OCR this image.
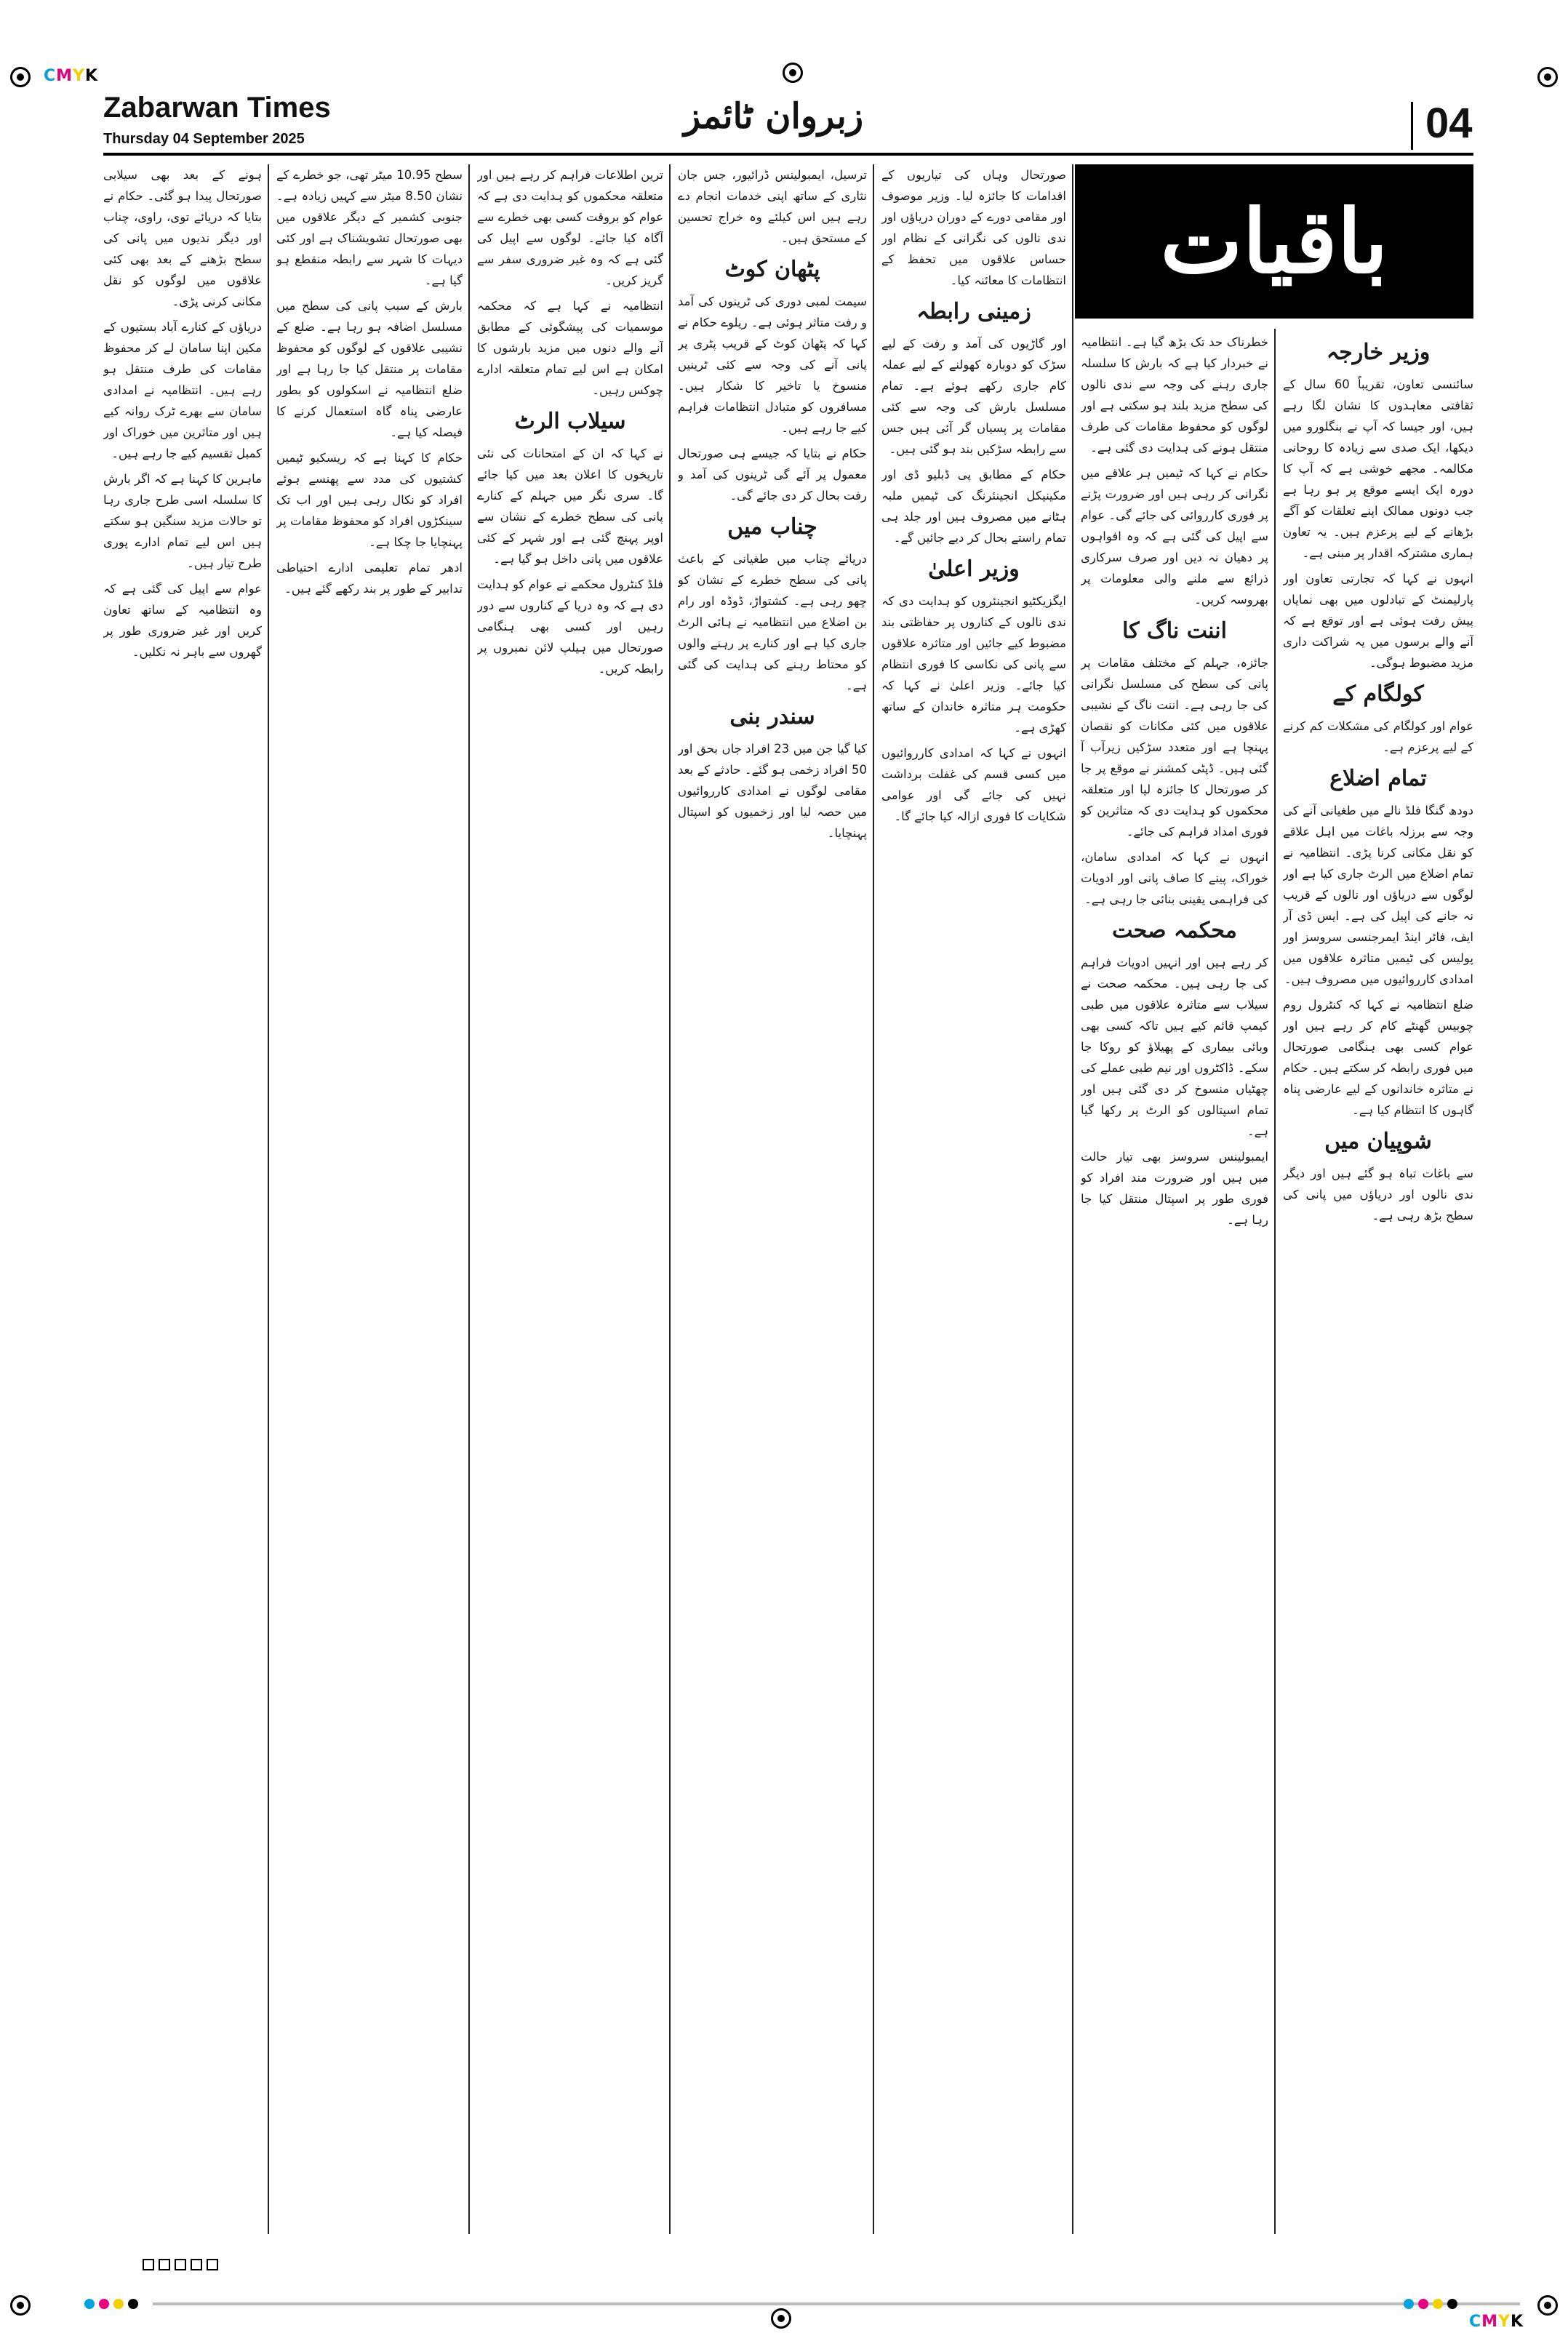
CMYK
CMYK
Zabarwan Times
Thursday 04 September 2025
زبروان ٹائمز	04
باقیات
وزیر خارجہ

سائنسی تعاون، تقریباً 60 سال کے ثقافتی معاہدوں کا نشان لگا رہے ہیں، اور جیسا کہ آپ نے بنگلورو میں دیکھا، ایک صدی سے زیادہ کا روحانی مکالمہ۔ مجھے خوشی ہے کہ آپ کا دورہ ایک ایسے موقع پر ہو رہا ہے جب دونوں ممالک اپنے تعلقات کو آگے بڑھانے کے لیے پرعزم ہیں۔ یہ تعاون ہماری مشترکہ اقدار پر مبنی ہے۔

انہوں نے کہا کہ تجارتی تعاون اور پارلیمنٹ کے تبادلوں میں بھی نمایاں پیش رفت ہوئی ہے اور توقع ہے کہ آنے والے برسوں میں یہ شراکت داری مزید مضبوط ہوگی۔

کولگام کے

عوام اور کولگام کی مشکلات کم کرنے کے لیے پرعزم ہے۔

تمام اضلاع

دودھ گنگا فلڈ نالے میں طغیانی آنے کی وجہ سے برزلہ باغات میں اہل علاقے کو نقل مکانی کرنا پڑی۔ انتظامیہ نے تمام اضلاع میں الرٹ جاری کیا ہے اور لوگوں سے دریاؤں اور نالوں کے قریب نہ جانے کی اپیل کی ہے۔ ایس ڈی آر ایف، فائر اینڈ ایمرجنسی سروسز اور پولیس کی ٹیمیں متاثرہ علاقوں میں امدادی کارروائیوں میں مصروف ہیں۔

ضلع انتظامیہ نے کہا کہ کنٹرول روم چوبیس گھنٹے کام کر رہے ہیں اور عوام کسی بھی ہنگامی صورتحال میں فوری رابطہ کر سکتے ہیں۔ حکام نے متاثرہ خاندانوں کے لیے عارضی پناہ گاہوں کا انتظام کیا ہے۔

شوپیان میں

سے باغات تباہ ہو گئے ہیں اور دیگر ندی نالوں اور دریاؤں میں پانی کی سطح بڑھ رہی ہے۔

خطرناک حد تک بڑھ گیا ہے۔ انتظامیہ نے خبردار کیا ہے کہ بارش کا سلسلہ جاری رہنے کی وجہ سے ندی نالوں کی سطح مزید بلند ہو سکتی ہے اور لوگوں کو محفوظ مقامات کی طرف منتقل ہونے کی ہدایت دی گئی ہے۔

حکام نے کہا کہ ٹیمیں ہر علاقے میں نگرانی کر رہی ہیں اور ضرورت پڑنے پر فوری کارروائی کی جائے گی۔ عوام سے اپیل کی گئی ہے کہ وہ افواہوں پر دھیان نہ دیں اور صرف سرکاری ذرائع سے ملنے والی معلومات پر بھروسہ کریں۔

اننت ناگ کا

جائزہ، جہلم کے مختلف مقامات پر پانی کی سطح کی مسلسل نگرانی کی جا رہی ہے۔ اننت ناگ کے نشیبی علاقوں میں کئی مکانات کو نقصان پہنچا ہے اور متعدد سڑکیں زیرآب آ گئی ہیں۔ ڈپٹی کمشنر نے موقع پر جا کر صورتحال کا جائزہ لیا اور متعلقہ محکموں کو ہدایت دی کہ متاثرین کو فوری امداد فراہم کی جائے۔

انہوں نے کہا کہ امدادی سامان، خوراک، پینے کا صاف پانی اور ادویات کی فراہمی یقینی بنائی جا رہی ہے۔

محکمہ صحت

کر رہے ہیں اور انہیں ادویات فراہم کی جا رہی ہیں۔ محکمہ صحت نے سیلاب سے متاثرہ علاقوں میں طبی کیمپ قائم کیے ہیں تاکہ کسی بھی وبائی بیماری کے پھیلاؤ کو روکا جا سکے۔ ڈاکٹروں اور نیم طبی عملے کی چھٹیاں منسوخ کر دی گئی ہیں اور تمام اسپتالوں کو الرٹ پر رکھا گیا ہے۔

ایمبولینس سروسز بھی تیار حالت میں ہیں اور ضرورت مند افراد کو فوری طور پر اسپتال منتقل کیا جا رہا ہے۔

صورتحال وہاں کی تیاریوں کے اقدامات کا جائزہ لیا۔ وزیر موصوف اور مقامی دورے کے دوران دریاؤں اور ندی نالوں کی نگرانی کے نظام اور حساس علاقوں میں تحفظ کے انتظامات کا معائنہ کیا۔

زمینی رابطہ

اور گاڑیوں کی آمد و رفت کے لیے سڑک کو دوبارہ کھولنے کے لیے عملہ کام جاری رکھے ہوئے ہے۔ تمام مسلسل بارش کی وجہ سے کئی مقامات پر پسیاں گر آئی ہیں جس سے رابطہ سڑکیں بند ہو گئی ہیں۔

حکام کے مطابق پی ڈبلیو ڈی اور مکینیکل انجینئرنگ کی ٹیمیں ملبہ ہٹانے میں مصروف ہیں اور جلد ہی تمام راستے بحال کر دیے جائیں گے۔

وزیر اعلیٰ

ایگزیکٹیو انجینئروں کو ہدایت دی کہ ندی نالوں کے کناروں پر حفاظتی بند مضبوط کیے جائیں اور متاثرہ علاقوں سے پانی کی نکاسی کا فوری انتظام کیا جائے۔ وزیر اعلیٰ نے کہا کہ حکومت ہر متاثرہ خاندان کے ساتھ کھڑی ہے۔

انہوں نے کہا کہ امدادی کارروائیوں میں کسی قسم کی غفلت برداشت نہیں کی جائے گی اور عوامی شکایات کا فوری ازالہ کیا جائے گا۔

ترسیل، ایمبولینس ڈرائیور، جس جان نثاری کے ساتھ اپنی خدمات انجام دے رہے ہیں اس کیلئے وہ خراج تحسین کے مستحق ہیں۔

پٹھان کوٹ

سیمت لمبی دوری کی ٹرینوں کی آمد و رفت متاثر ہوئی ہے۔ ریلوے حکام نے کہا کہ پٹھان کوٹ کے قریب پٹری پر پانی آنے کی وجہ سے کئی ٹرینیں منسوخ یا تاخیر کا شکار ہیں۔ مسافروں کو متبادل انتظامات فراہم کیے جا رہے ہیں۔

حکام نے بتایا کہ جیسے ہی صورتحال معمول پر آئے گی ٹرینوں کی آمد و رفت بحال کر دی جائے گی۔

چناب میں

دریائے چناب میں طغیانی کے باعث پانی کی سطح خطرے کے نشان کو چھو رہی ہے۔ کشتواڑ، ڈوڈہ اور رام بن اضلاع میں انتظامیہ نے ہائی الرٹ جاری کیا ہے اور کنارے پر رہنے والوں کو محتاط رہنے کی ہدایت کی گئی ہے۔

سندر بنی

کیا گیا جن میں 23 افراد جاں بحق اور 50 افراد زخمی ہو گئے۔ حادثے کے بعد مقامی لوگوں نے امدادی کارروائیوں میں حصہ لیا اور زخمیوں کو اسپتال پہنچایا۔

ترین اطلاعات فراہم کر رہے ہیں اور متعلقہ محکموں کو ہدایت دی ہے کہ عوام کو بروقت کسی بھی خطرے سے آگاہ کیا جائے۔ لوگوں سے اپیل کی گئی ہے کہ وہ غیر ضروری سفر سے گریز کریں۔

انتظامیہ نے کہا ہے کہ محکمہ موسمیات کی پیشگوئی کے مطابق آنے والے دنوں میں مزید بارشوں کا امکان ہے اس لیے تمام متعلقہ ادارے چوکس رہیں۔

سیلاب الرٹ

نے کہا کہ ان کے امتحانات کی نئی تاریخوں کا اعلان بعد میں کیا جائے گا۔ سری نگر میں جہلم کے کنارے پانی کی سطح خطرے کے نشان سے اوپر پہنچ گئی ہے اور شہر کے کئی علاقوں میں پانی داخل ہو گیا ہے۔

فلڈ کنٹرول محکمے نے عوام کو ہدایت دی ہے کہ وہ دریا کے کناروں سے دور رہیں اور کسی بھی ہنگامی صورتحال میں ہیلپ لائن نمبروں پر رابطہ کریں۔

سطح 10.95 میٹر تھی، جو خطرے کے نشان 8.50 میٹر سے کہیں زیادہ ہے۔ جنوبی کشمیر کے دیگر علاقوں میں بھی صورتحال تشویشناک ہے اور کئی دیہات کا شہر سے رابطہ منقطع ہو گیا ہے۔

بارش کے سبب پانی کی سطح میں مسلسل اضافہ ہو رہا ہے۔ ضلع کے نشیبی علاقوں کے لوگوں کو محفوظ مقامات پر منتقل کیا جا رہا ہے اور ضلع انتظامیہ نے اسکولوں کو بطور عارضی پناہ گاہ استعمال کرنے کا فیصلہ کیا ہے۔

حکام کا کہنا ہے کہ ریسکیو ٹیمیں کشتیوں کی مدد سے پھنسے ہوئے افراد کو نکال رہی ہیں اور اب تک سینکڑوں افراد کو محفوظ مقامات پر پہنچایا جا چکا ہے۔

ادھر تمام تعلیمی ادارے احتیاطی تدابیر کے طور پر بند رکھے گئے ہیں۔

ہونے کے بعد بھی سیلابی صورتحال پیدا ہو گئی۔ حکام نے بتایا کہ دریائے توی، راوی، چناب اور دیگر ندیوں میں پانی کی سطح بڑھنے کے بعد بھی کئی علاقوں میں لوگوں کو نقل مکانی کرنی پڑی۔

دریاؤں کے کنارے آباد بستیوں کے مکین اپنا سامان لے کر محفوظ مقامات کی طرف منتقل ہو رہے ہیں۔ انتظامیہ نے امدادی سامان سے بھرے ٹرک روانہ کیے ہیں اور متاثرین میں خوراک اور کمبل تقسیم کیے جا رہے ہیں۔

ماہرین کا کہنا ہے کہ اگر بارش کا سلسلہ اسی طرح جاری رہا تو حالات مزید سنگین ہو سکتے ہیں اس لیے تمام ادارے پوری طرح تیار ہیں۔

عوام سے اپیل کی گئی ہے کہ وہ انتظامیہ کے ساتھ تعاون کریں اور غیر ضروری طور پر گھروں سے باہر نہ نکلیں۔
